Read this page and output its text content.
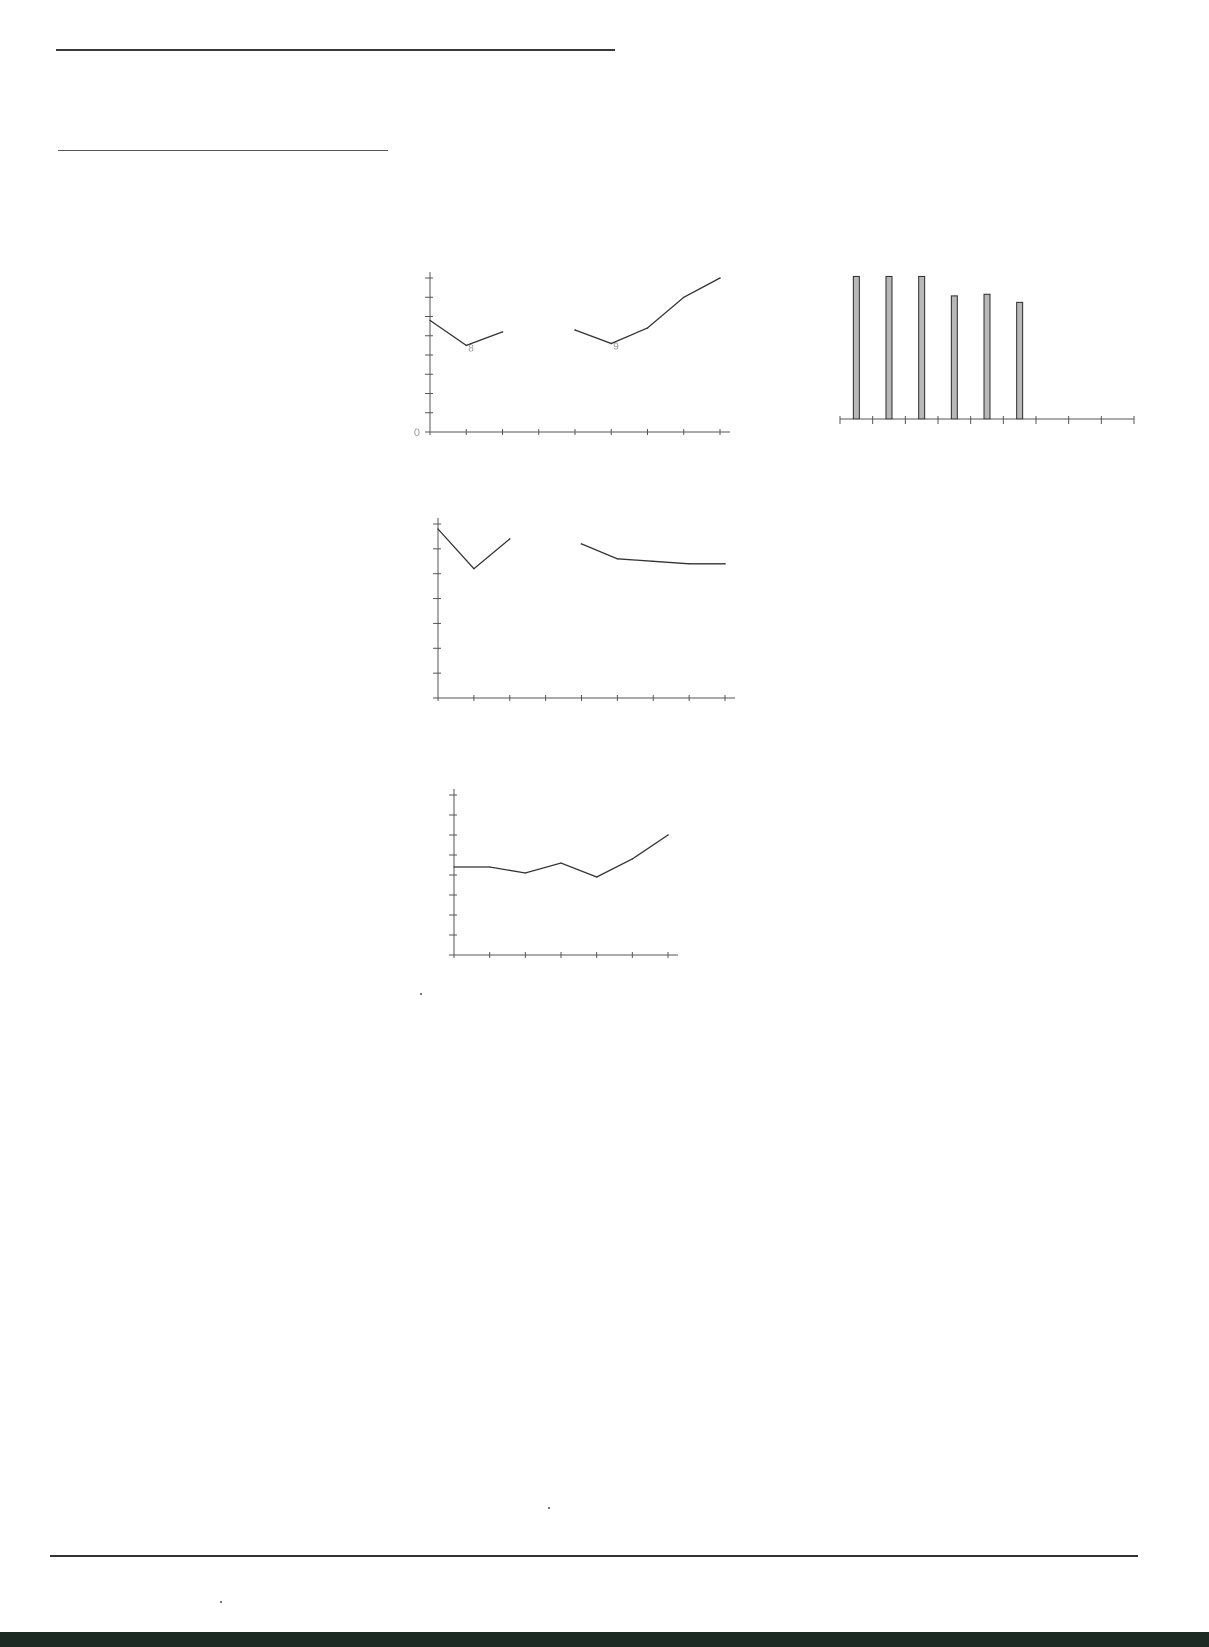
0
8	9
